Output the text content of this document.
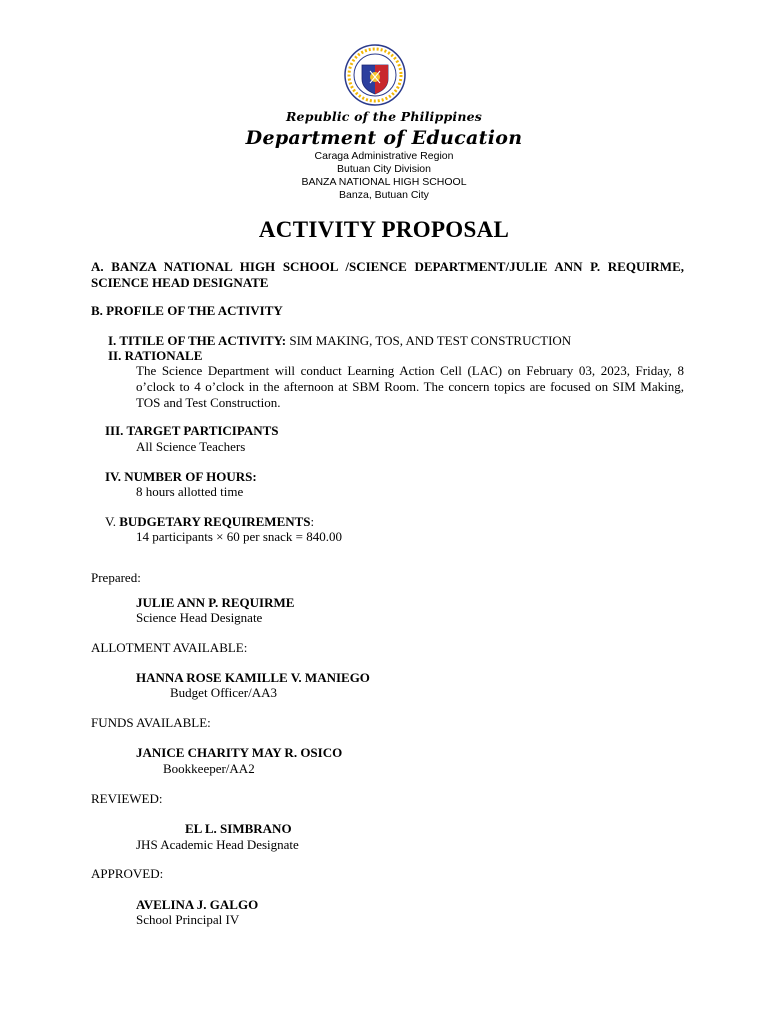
Republic of the Philippines
Department of Education
Caraga Administrative Region
Butuan City Division
BANZA NATIONAL HIGH SCHOOL
Banza, Butuan City
ACTIVITY PROPOSAL
A. BANZA NATIONAL HIGH SCHOOL /SCIENCE DEPARTMENT/JULIE ANN P. REQUIRME, SCIENCE HEAD DESIGNATE
B. PROFILE OF THE ACTIVITY
I. TITILE OF THE ACTIVITY: SIM MAKING, TOS, AND TEST CONSTRUCTION
II. RATIONALE
The Science Department will conduct Learning Action Cell (LAC) on February 03, 2023, Friday, 8 o’clock to 4 o’clock in the afternoon at SBM Room. The concern topics are focused on SIM Making, TOS and Test Construction.
III. TARGET PARTICIPANTS
All Science Teachers
IV. NUMBER OF HOURS:
8 hours allotted time
V. BUDGETARY REQUIREMENTS:
14 participants × 60 per snack = 840.00
Prepared:
JULIE ANN P. REQUIRME
Science Head Designate
ALLOTMENT AVAILABLE:
HANNA ROSE KAMILLE V. MANIEGO
Budget Officer/AA3
FUNDS AVAILABLE:
JANICE CHARITY MAY R. OSICO
Bookkeeper/AA2
REVIEWED:
EL L. SIMBRANO
JHS Academic Head Designate
APPROVED:
AVELINA J. GALGO
School Principal IV
